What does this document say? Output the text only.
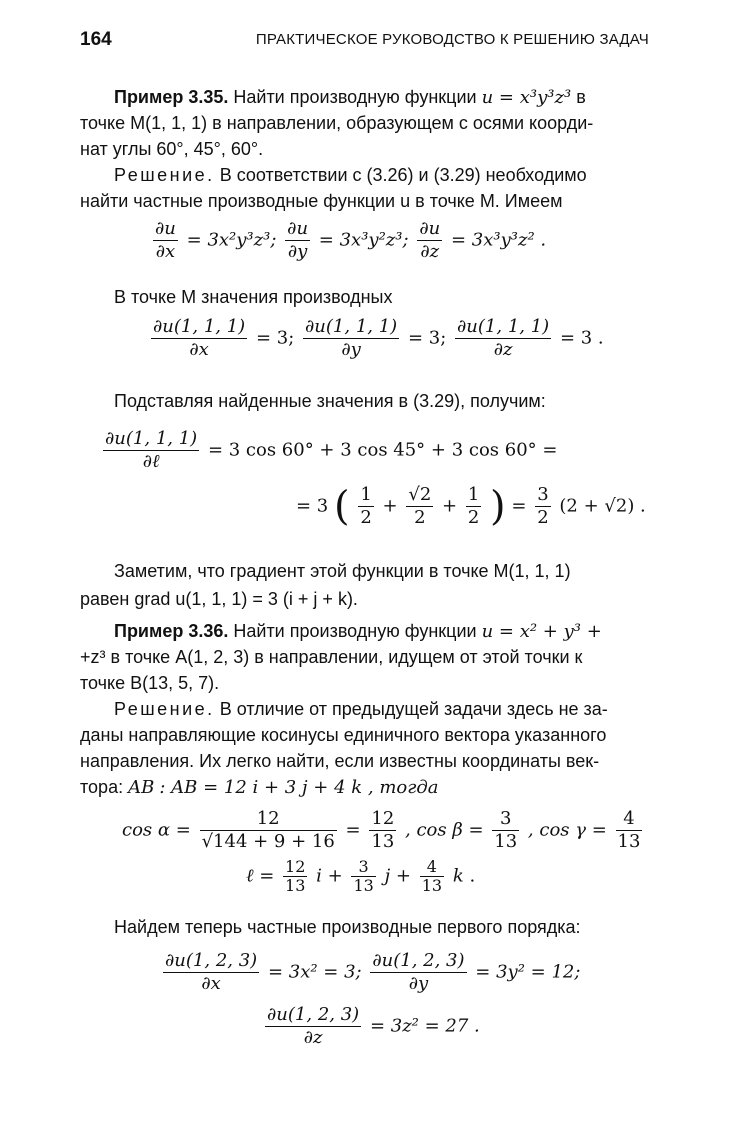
164	ПРАКТИЧЕСКОЕ РУКОВОДСТВО К РЕШЕНИЮ ЗАДАЧ
Пример 3.35. Найти производную функции u = x³y³z³ в
точке M(1, 1, 1) в направлении, образующем с осями коорди-
нат углы 60°, 45°, 60°.
Решение. В соответствии с (3.26) и (3.29) необходимо
найти частные производные функции u в точке M. Имеем
$\frac{\partial u}{\partial x} = 3x^2y^3z^3$; $\frac{\partial u}{\partial y} = 3x^3y^2z^3$; $\frac{\partial u}{\partial z} = 3x^3y^3z^2$ .
В точке M значения производных
$\frac{\partial u(1, 1, 1)}{\partial x} = 3$; $\frac{\partial u(1, 1, 1)}{\partial y} = 3$; $\frac{\partial u(1, 1, 1)}{\partial z} = 3$ .
Подставляя найденные значения в (3.29), получим:
$\frac{\partial u(1, 1, 1)}{\text{∂ℓ}} = 3$ cos 60° + 3 cos 45° + 3 cos 60° =
= 3 ( $\frac{1}{2} + \frac{√2}{2} + \frac{1}{2}$ ) = $\frac{3}{2} (2 + √2)$ .
Заметим, что градиент этой функции в точке M(1, 1, 1)
равен grad u(1, 1, 1) = 3 (i + j + k).
Пример 3.36. Найти производную функции u = x² + y³ +
+z³ в точке A(1, 2, 3) в направлении, идущем от этой точки к
точке B(13, 5, 7).
Решение. В отличие от предыдущей задачи здесь не за-
даны направляющие косинусы единичного вектора указанного
направления. Их легко найти, если известны координаты век-
тора: AB : AB = 12 i + 3 j + 4 k , тогда
$\cos \alpha = \frac{12}{√144 + 9 + 16} = \frac{12}{13}$ , $\cos \beta = \frac{3}{13}$ , $\cos \gamma = \frac{4}{13}$
ℓ = $\frac{12}{13}$ $i + \frac{3}{13}$ $j + \frac{4}{13}$ k .
Найдем теперь частные производные первого порядка:
$\frac{\partial u(1, 2, 3)}{\partial x} = 3x^2 = 3$; $\frac{\partial u(1, 2, 3)}{\partial y} = 3y^2 = 12$;
$\frac{\partial u(1, 2, 3)}{\partial z} = 3z^2 = 27$ .
